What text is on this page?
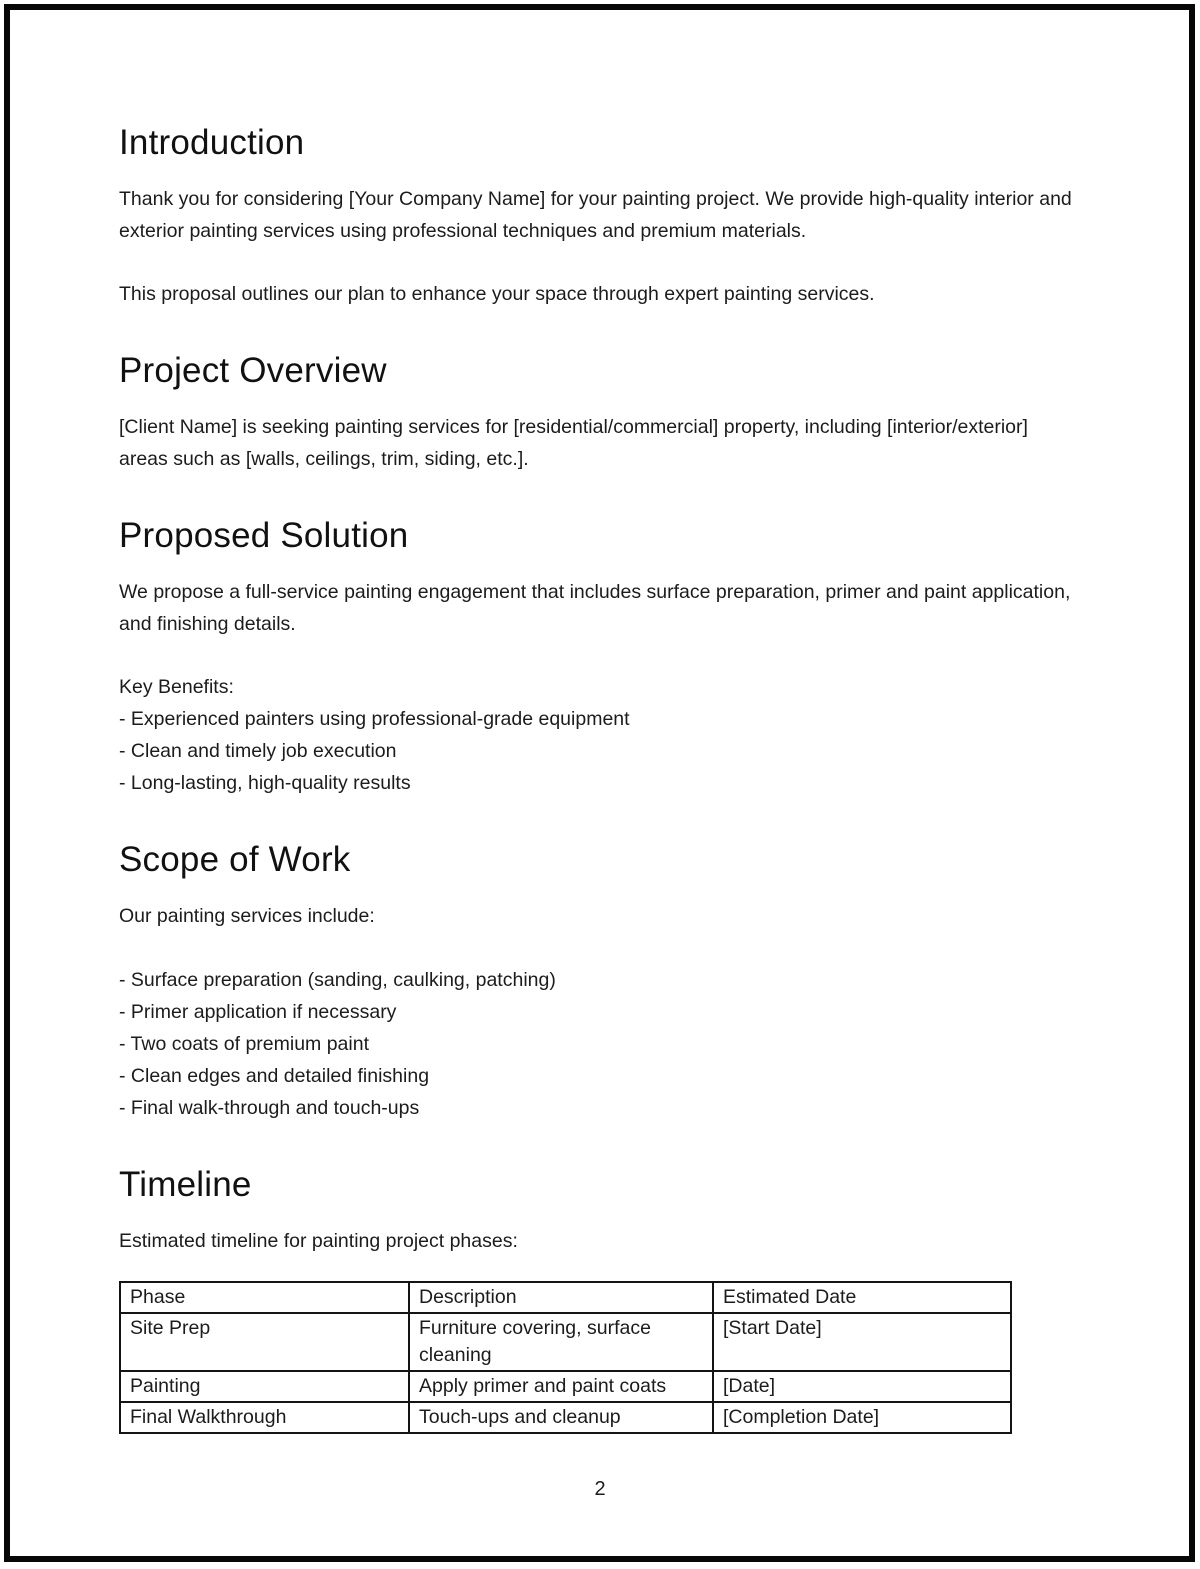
Introduction

Thank you for considering [Your Company Name] for your painting project. We provide high-quality interior and exterior painting services using professional techniques and premium materials.

This proposal outlines our plan to enhance your space through expert painting services.

Project Overview

[Client Name] is seeking painting services for [residential/commercial] property, including [interior/exterior] areas such as [walls, ceilings, trim, siding, etc.].

Proposed Solution

We propose a full-service painting engagement that includes surface preparation, primer and paint application, and finishing details.

Key Benefits:
- Experienced painters using professional-grade equipment
- Clean and timely job execution
- Long-lasting, high-quality results
Scope of Work

Our painting services include:

- Surface preparation (sanding, caulking, patching)
- Primer application if necessary
- Two coats of premium paint
- Clean edges and detailed finishing
- Final walk-through and touch-ups
Timeline

Estimated timeline for painting project phases:

Phase	Description	Estimated Date
Site Prep	Furniture covering, surface cleaning	[Start Date]
Painting	Apply primer and paint coats	[Date]
Final Walkthrough	Touch-ups and cleanup	[Completion Date]
2
